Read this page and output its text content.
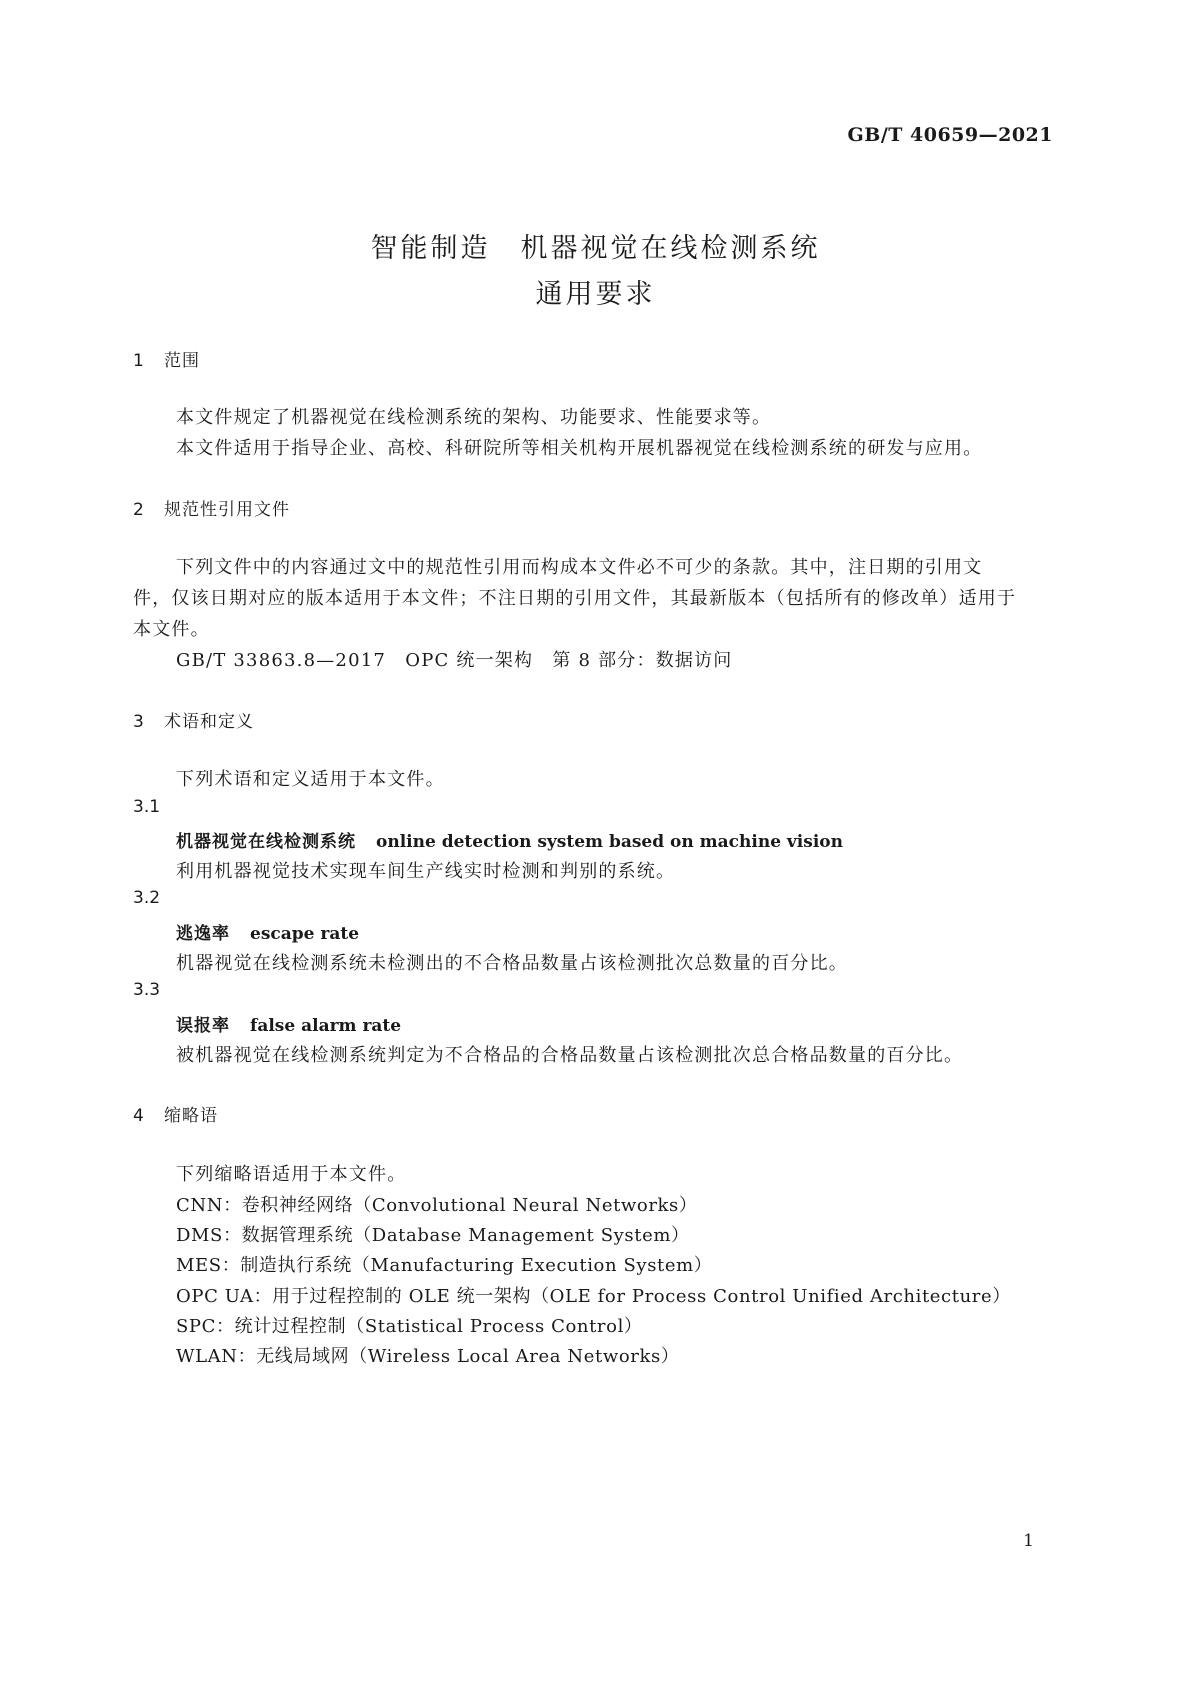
GB/T 40659—2021
智能制造　机器视觉在线检测系统
通用要求
1 范围
本文件规定了机器视觉在线检测系统的架构、功能要求、性能要求等。
本文件适用于指导企业、高校、科研院所等相关机构开展机器视觉在线检测系统的研发与应用。
2 规范性引用文件
下列文件中的内容通过文中的规范性引用而构成本文件必不可少的条款。其中，注日期的引用文
件，仅该日期对应的版本适用于本文件；不注日期的引用文件，其最新版本（包括所有的修改单）适用于
本文件。
GB/T 33863.8—2017　OPC 统一架构　第 8 部分：数据访问
3 术语和定义
下列术语和定义适用于本文件。
3.1
机器视觉在线检测系统 online detection system based on machine vision
利用机器视觉技术实现车间生产线实时检测和判别的系统。
3.2
逃逸率 escape rate
机器视觉在线检测系统未检测出的不合格品数量占该检测批次总数量的百分比。
3.3
误报率 false alarm rate
被机器视觉在线检测系统判定为不合格品的合格品数量占该检测批次总合格品数量的百分比。
4 缩略语
下列缩略语适用于本文件。
CNN：卷积神经网络（Convolutional Neural Networks）
DMS：数据管理系统（Database Management System）
MES：制造执行系统（Manufacturing Execution System）
OPC UA：用于过程控制的 OLE 统一架构（OLE for Process Control Unified Architecture）
SPC：统计过程控制（Statistical Process Control）
WLAN：无线局域网（Wireless Local Area Networks）
1
